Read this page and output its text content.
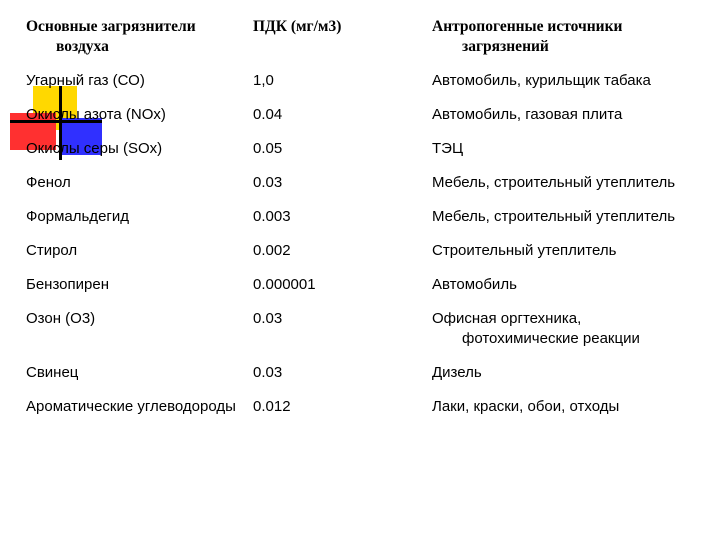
Основные загрязнители воздуха	ПДК (мг/м3)	Антропогенные источники загрязнений
Угарный газ (СО)	1,0	Автомобиль, курильщик табака
Окислы азота (NOx)	0.04	Автомобиль, газовая плита
Окислы серы (SOx)	0.05	ТЭЦ
Фенол	0.03	Мебель, строительный утеплитель
Формальдегид	0.003	Мебель, строительный утеплитель
Стирол	0.002	Строительный утеплитель
Бензопирен	0.000001	Автомобиль
Озон (О3)	0.03	Офисная оргтехника, фотохимические реакции
Свинец	0.03	Дизель
Ароматические углеводороды	0.012	Лаки, краски, обои, отходы
